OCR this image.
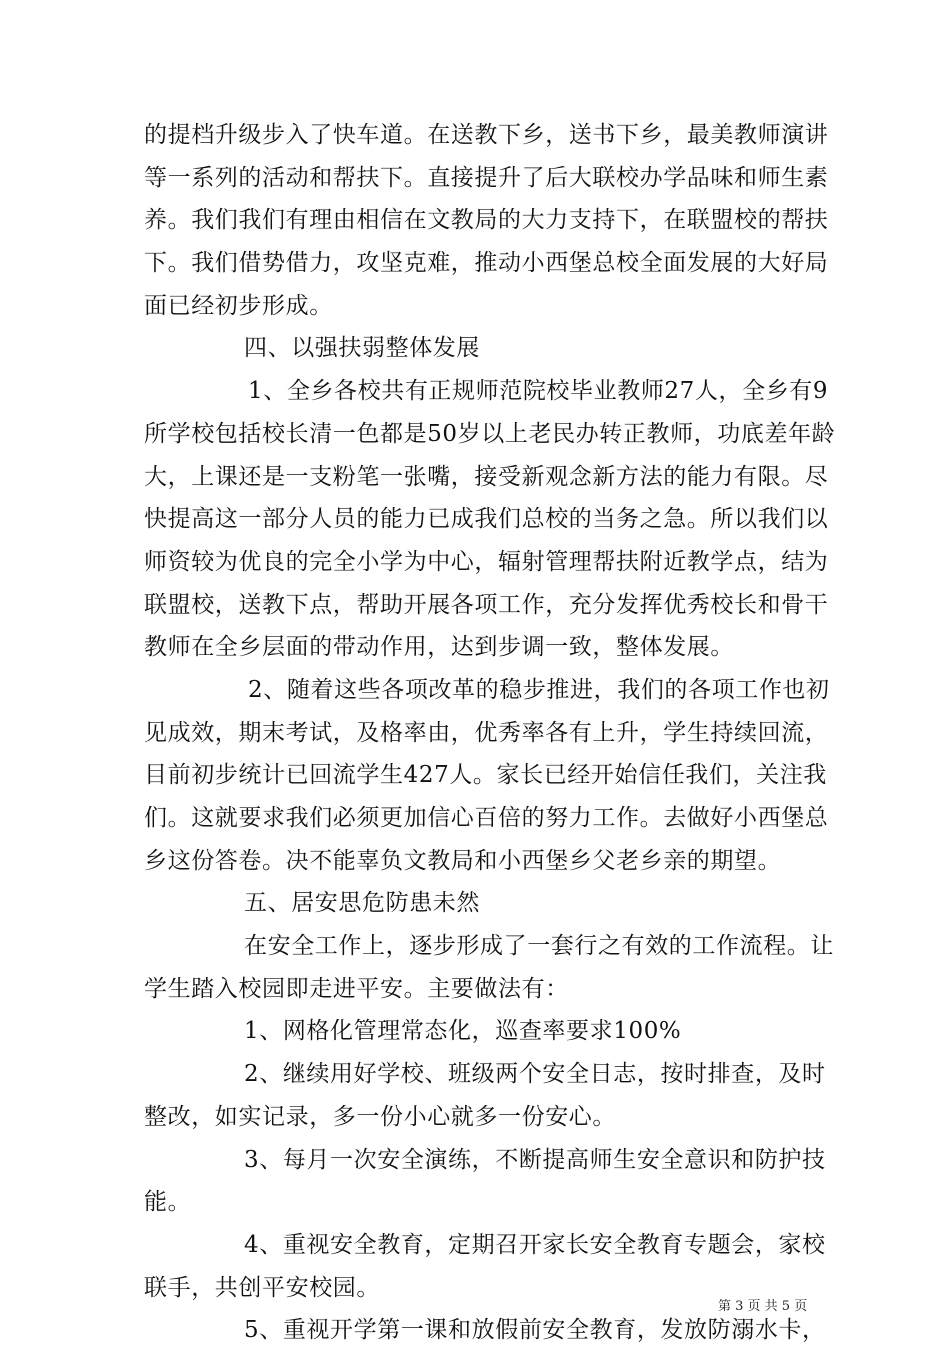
的提档升级步入了快车道。在送教下乡，送书下乡，最美教师演讲
等一系列的活动和帮扶下。直接提升了后大联校办学品味和师生素
养。我们我们有理由相信在文教局的大力支持下，在联盟校的帮扶
下。我们借势借力，攻坚克难，推动小西堡总校全面发展的大好局
面已经初步形成。
四、以强扶弱整体发展
1、全乡各校共有正规师范院校毕业教师27人，全乡有9
所学校包括校长清一色都是50岁以上老民办转正教师，功底差年龄
大，上课还是一支粉笔一张嘴，接受新观念新方法的能力有限。尽
快提高这一部分人员的能力已成我们总校的当务之急。所以我们以
师资较为优良的完全小学为中心，辐射管理帮扶附近教学点，结为
联盟校，送教下点，帮助开展各项工作，充分发挥优秀校长和骨干
教师在全乡层面的带动作用，达到步调一致，整体发展。
2、随着这些各项改革的稳步推进，我们的各项工作也初
见成效，期末考试，及格率由，优秀率各有上升，学生持续回流，
目前初步统计已回流学生427人。家长已经开始信任我们，关注我
们。这就要求我们必须更加信心百倍的努力工作。去做好小西堡总
乡这份答卷。决不能辜负文教局和小西堡乡父老乡亲的期望。
五、居安思危防患未然
在安全工作上，逐步形成了一套行之有效的工作流程。让
学生踏入校园即走进平安。主要做法有：
1、网格化管理常态化，巡查率要求100%
2、继续用好学校、班级两个安全日志，按时排查，及时
整改，如实记录，多一份小心就多一份安心。
3、每月一次安全演练，不断提高师生安全意识和防护技
能。
4、重视安全教育，定期召开家长安全教育专题会，家校
联手，共创平安校园。
5、重视开学第一课和放假前安全教育，发放防溺水卡，
第 3 页 共 5 页
